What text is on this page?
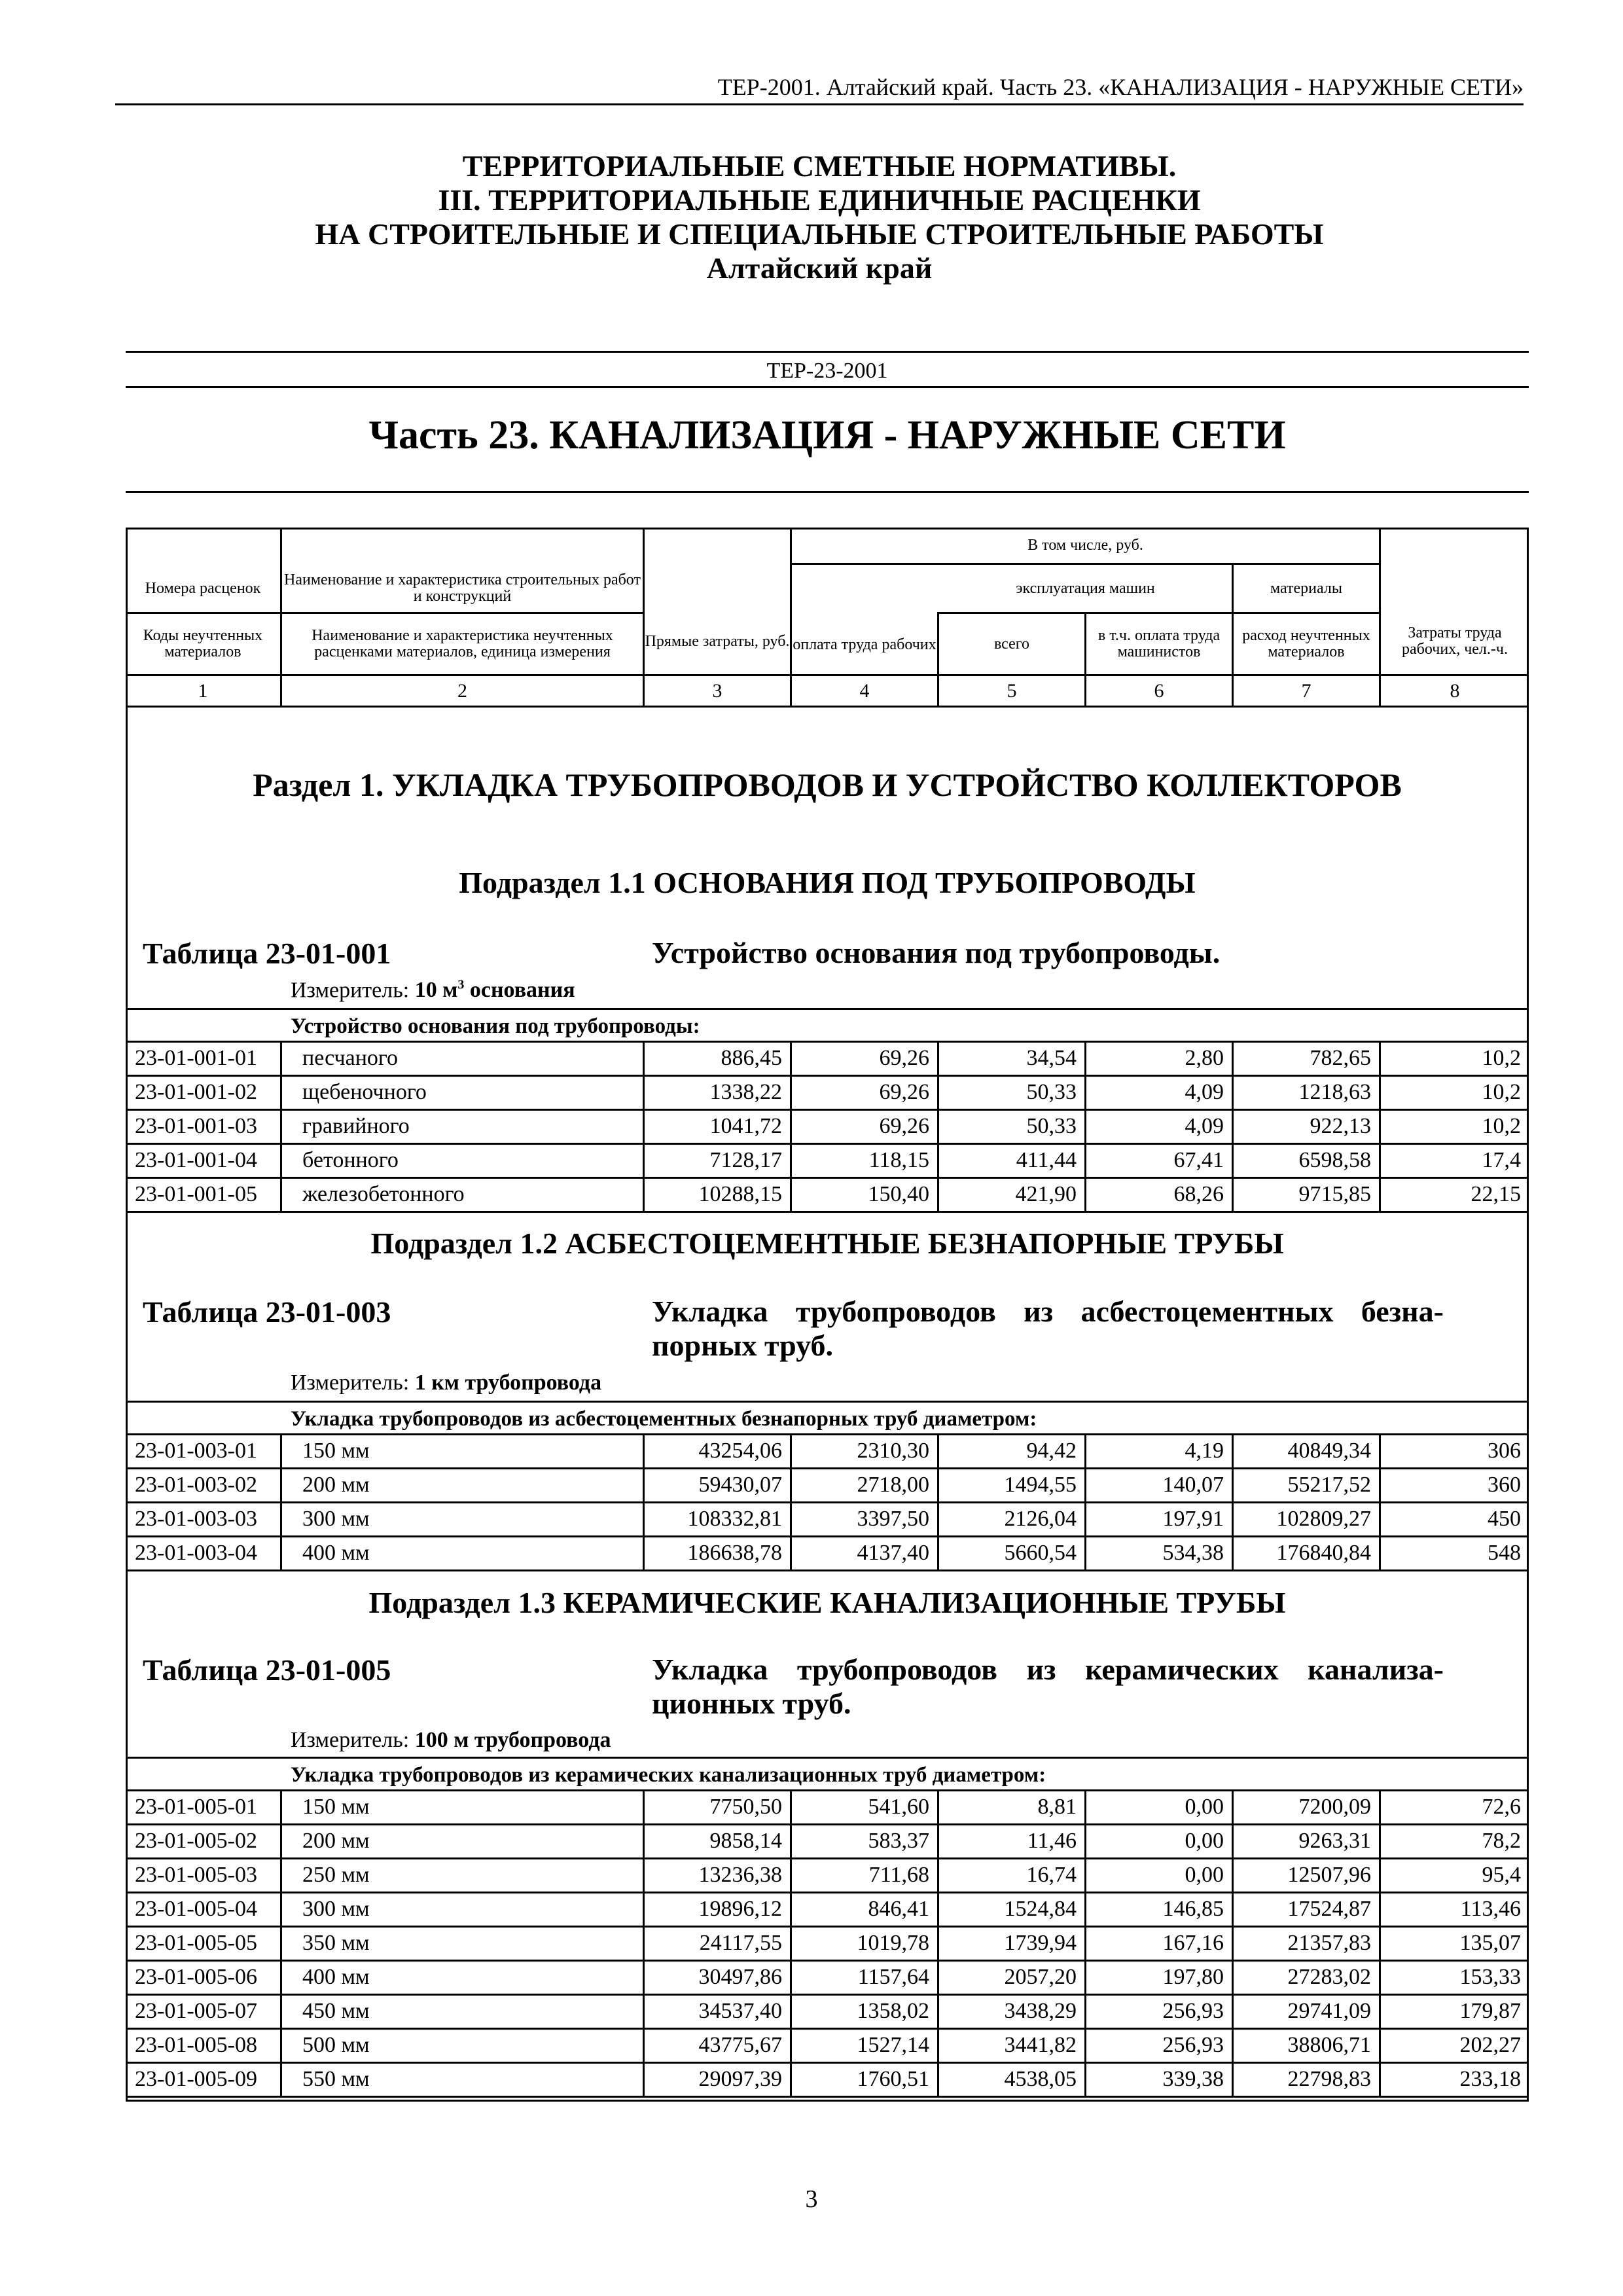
ТЕР-2001. Алтайский край. Часть 23. «КАНАЛИЗАЦИЯ - НАРУЖНЫЕ СЕТИ»
ТЕРРИТОРИАЛЬНЫЕ СМЕТНЫЕ НОРМАТИВЫ.
III. ТЕРРИТОРИАЛЬНЫЕ ЕДИНИЧНЫЕ РАСЦЕНКИ
НА СТРОИТЕЛЬНЫЕ И СПЕЦИАЛЬНЫЕ СТРОИТЕЛЬНЫЕ РАБОТЫ
Алтайский край
ТЕР-23-2001
Часть 23. КАНАЛИЗАЦИЯ - НАРУЖНЫЕ СЕТИ
Номера расценок	Наименование и характеристика строительных работ и конструкций
Коды неучтенных материалов
Наименование и характеристика неучтенных расценками материалов, единица измерения
Прямые затраты, руб.
В том числе, руб.
оплата труда рабочих
эксплуатация машин
всего	в т.ч. оплата труда машинистов
материалы
расход неучтенных материалов
Затраты труда рабочих, чел.-ч.
1	2	3	4	5	6	7	8
Раздел 1. УКЛАДКА ТРУБОПРОВОДОВ И УСТРОЙСТВО КОЛЛЕКТОРОВ
Подраздел 1.1 ОСНОВАНИЯ ПОД ТРУБОПРОВОДЫ
Таблица 23-01-001	Устройство основания под трубопроводы.
Измеритель: 10 $м^3$ основания
Устройство основания под трубопроводы:
23-01-001-01 песчаного	886,45	69,26	34,54	2,80	782,65	10,2
23-01-001-02 щебеночного	1338,22	69,26	50,33	4,09	1218,63	10,2
23-01-001-03 гравийного	1041,72	69,26	50,33	4,09	922,13	10,2
23-01-001-04 бетонного	7128,17	118,15	411,44	67,41	6598,58	17,4
23-01-001-05 железобетонного	10288,15	150,40	421,90	68,26	9715,85	22,15
Подраздел 1.2 АСБЕСТОЦЕМЕНТНЫЕ БЕЗНАПОРНЫЕ ТРУБЫ
Таблица 23-01-003	Укладка трубопроводов из асбестоцементных безна-порных труб.
Измеритель: 1 км трубопровода
Укладка трубопроводов из асбестоцементных безнапорных труб диаметром:
23-01-003-01 150 мм	43254,06	2310,30	94,42	4,19	40849,34	306
23-01-003-02 200 мм	59430,07	2718,00	1494,55	140,07	55217,52	360
23-01-003-03 300 мм	108332,81	3397,50	2126,04	197,91 102809,27	450
23-01-003-04 400 мм	186638,78	4137,40	5660,54	534,38 176840,84	548
Подраздел 1.3 КЕРАМИЧЕСКИЕ КАНАЛИЗАЦИОННЫЕ ТРУБЫ
Таблица 23-01-005	Укладка трубопроводов из керамических канализа-ционных труб.
Измеритель: 100 м трубопровода
Укладка трубопроводов из керамических канализационных труб диаметром:
23-01-005-01 150 мм	7750,50	541,60	8,81	0,00	7200,09	72,6
23-01-005-02 200 мм	9858,14	583,37	11,46	0,00	9263,31	78,2
23-01-005-03 250 мм	13236,38	711,68	16,74	0,00	12507,96	95,4
23-01-005-04 300 мм	19896,12	846,41	1524,84	146,85	17524,87	113,46
23-01-005-05 350 мм	24117,55	1019,78	1739,94	167,16	21357,83	135,07
23-01-005-06 400 мм	30497,86	1157,64	2057,20	197,80	27283,02	153,33
23-01-005-07 450 мм	34537,40	1358,02	3438,29	256,93	29741,09	179,87
23-01-005-08 500 мм	43775,67	1527,14	3441,82	256,93	38806,71	202,27
23-01-005-09 550 мм	29097,39	1760,51	4538,05	339,38	22798,83	233,18
3
